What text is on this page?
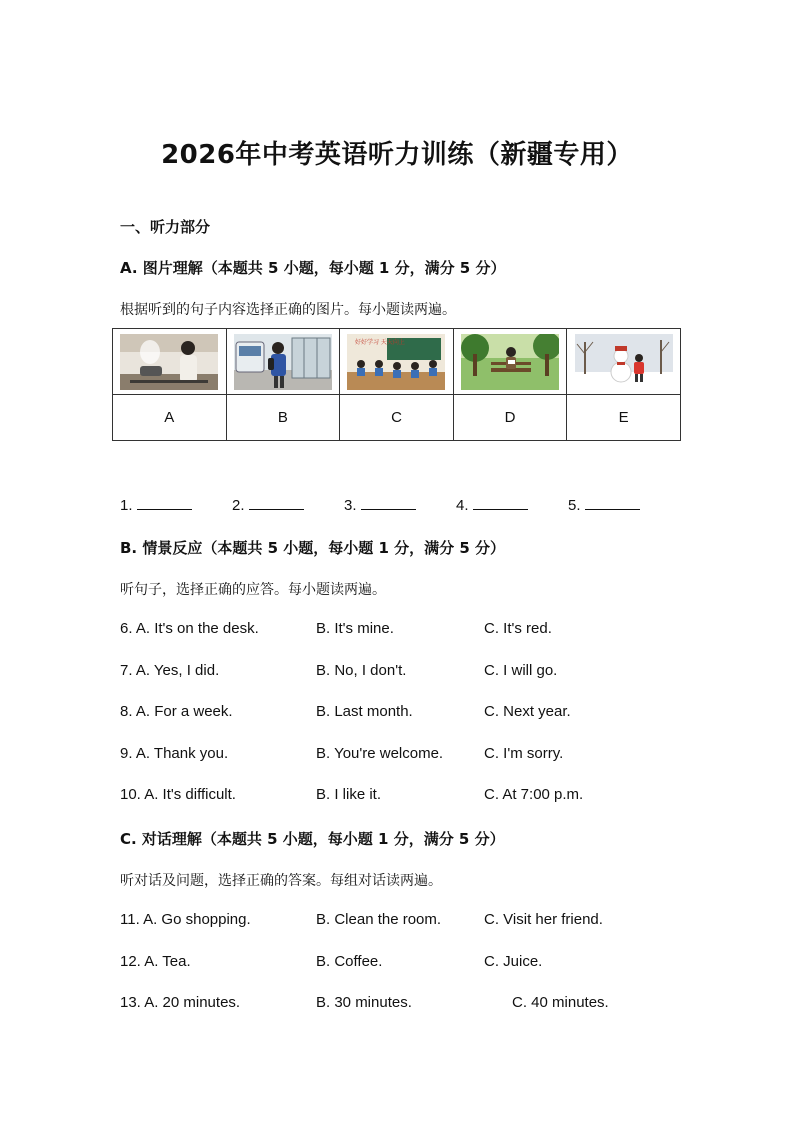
2026年中考英语听力训练（新疆专用）
一、听力部分
A. 图片理解（本题共 5 小题，每小题 1 分，满分 5 分）
根据听到的句子内容选择正确的图片。每小题读两遍。

好好学习 天天向上

A	B	C	D	E
1.	2.	3.	4.	5.
B. 情景反应（本题共 5 小题，每小题 1 分，满分 5 分）
听句子，选择正确的应答。每小题读两遍。
6. A. It's on the desk.	B. It's mine.	C. It's red.
7. A. Yes, I did.	B. No, I don't.	C. I will go.
8. A. For a week.	B. Last month.	C. Next year.
9. A. Thank you.	B. You're welcome.	C. I'm sorry.
10. A. It's difficult.	B. I like it.	C. At 7:00 p.m.
C. 对话理解（本题共 5 小题，每小题 1 分，满分 5 分）
听对话及问题，选择正确的答案。每组对话读两遍。
11. A. Go shopping.	B. Clean the room.	C. Visit her friend.
12. A. Tea.	B. Coffee.	C. Juice.
13. A. 20 minutes.	B. 30 minutes.	C. 40 minutes.
